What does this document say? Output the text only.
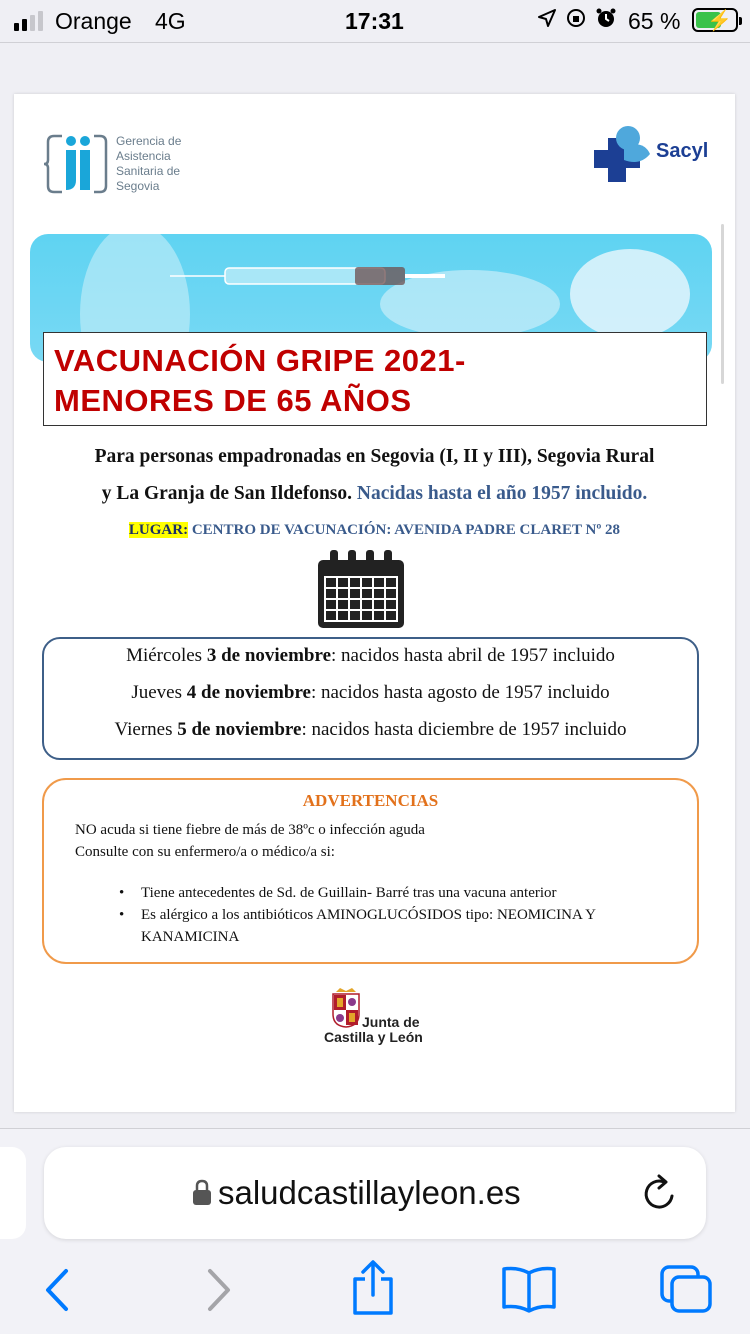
Orange 4G	17:31	65 % ⚡
Gerencia de
Asistencia
Sanitaria de
Segovia
Sacyl
VACUNACIÓN GRIPE 2021-
MENORES DE 65 AÑOS
Para personas empadronadas en Segovia (I, II y III), Segovia Rural
y La Granja de San Ildefonso. Nacidas hasta el año 1957 incluido.
LUGAR: CENTRO DE VACUNACIÓN: AVENIDA PADRE CLARET Nº 28
Miércoles 3 de noviembre: nacidos hasta abril de 1957 incluido
Jueves 4 de noviembre: nacidos hasta agosto de 1957 incluido
Viernes 5 de noviembre: nacidos hasta diciembre de 1957 incluido
ADVERTENCIAS
NO acuda si tiene fiebre de más de 38ºc o infección aguda
Consulte con su enfermero/a o médico/a si:
• Tiene antecedentes de Sd. de Guillain- Barré tras una vacuna anterior
• Es alérgico a los antibióticos AMINOGLUCÓSIDOS tipo: NEOMICINA Y KANAMICINA
Junta de
Castilla y León
saludcastillayleon.es
